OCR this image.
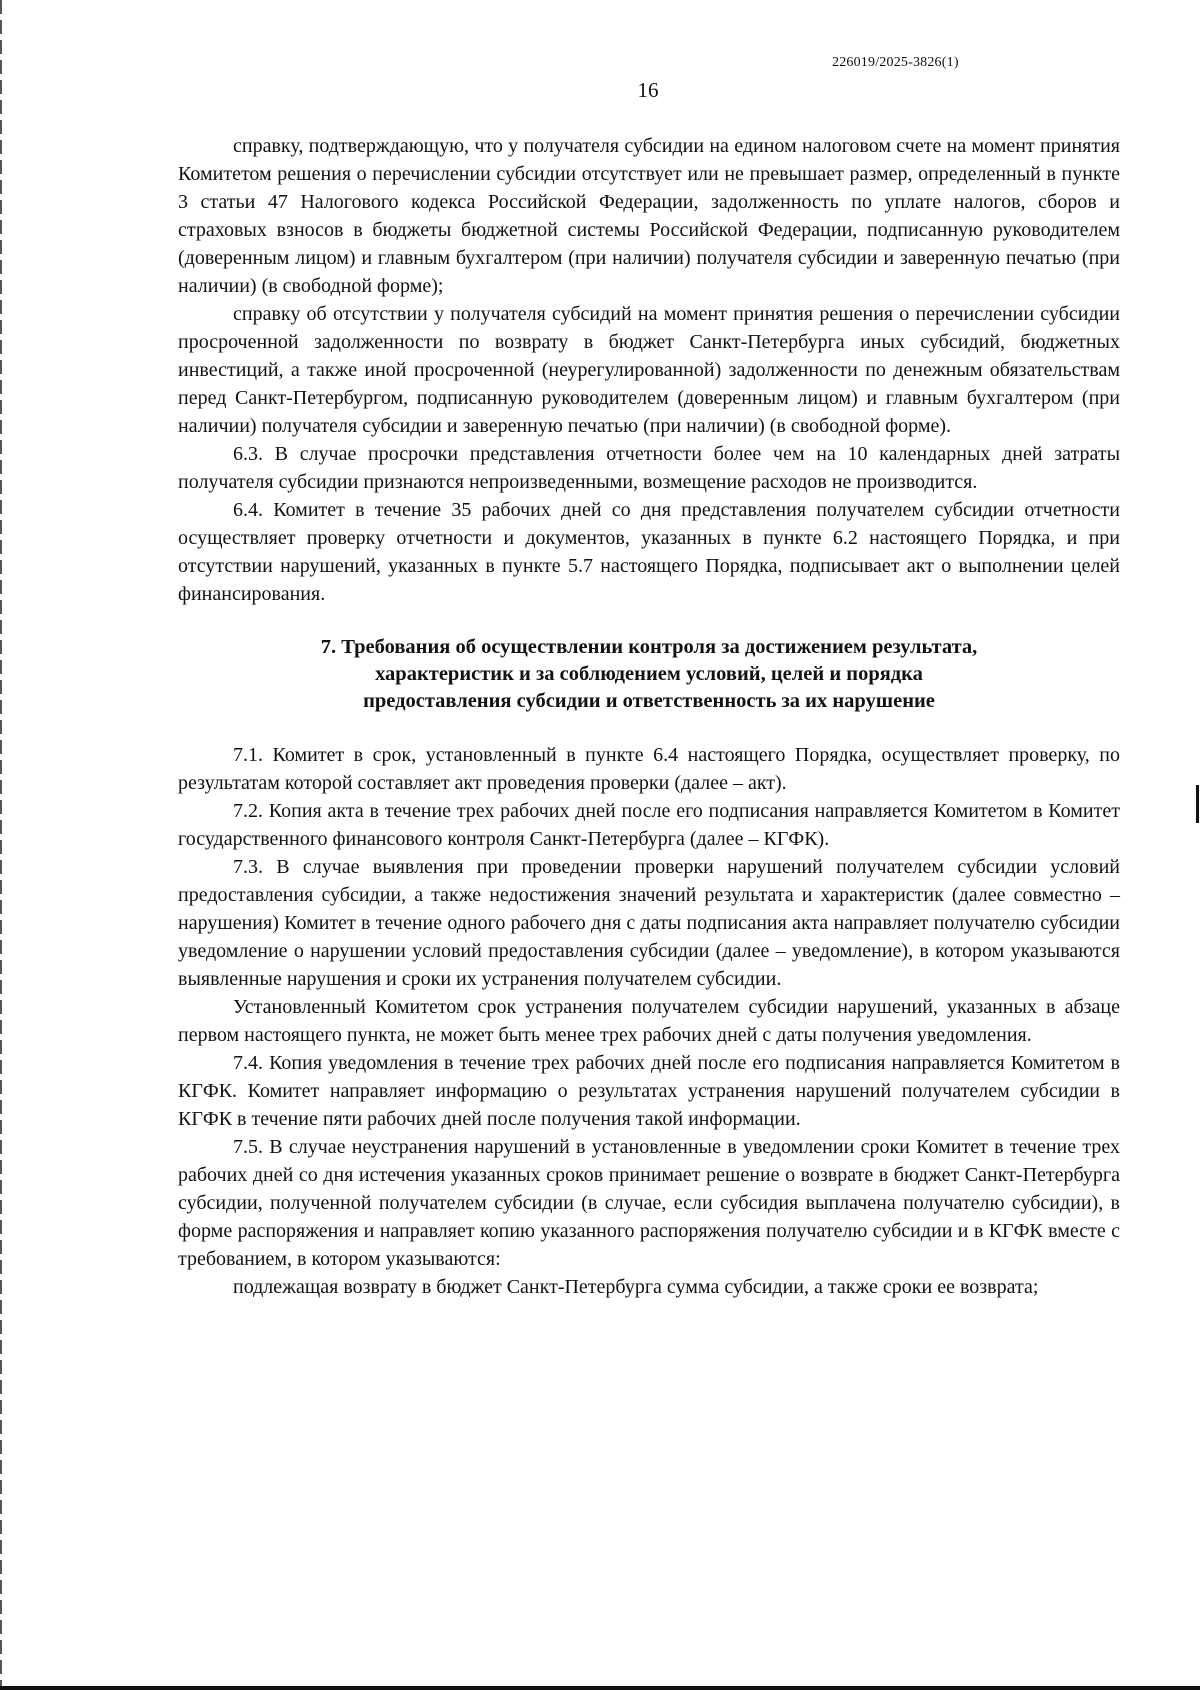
226019/2025-3826(1)
16

справку, подтверждающую, что у получателя субсидии на едином налоговом счете на момент принятия Комитетом решения о перечислении субсидии отсутствует или не превышает размер, определенный в пункте 3 статьи 47 Налогового кодекса Российской Федерации, задолженность по уплате налогов, сборов и страховых взносов в бюджеты бюджетной системы Российской Федерации, подписанную руководителем (доверенным лицом) и главным бухгалтером (при наличии) получателя субсидии и заверенную печатью (при наличии) (в свободной форме);

справку об отсутствии у получателя субсидий на момент принятия решения о перечислении субсидии просроченной задолженности по возврату в бюджет Санкт-Петербурга иных субсидий, бюджетных инвестиций, а также иной просроченной (неурегулированной) задолженности по денежным обязательствам перед Санкт-Петербургом, подписанную руководителем (доверенным лицом) и главным бухгалтером (при наличии) получателя субсидии и заверенную печатью (при наличии) (в свободной форме).

6.3. В случае просрочки представления отчетности более чем на 10 календарных дней затраты получателя субсидии признаются непроизведенными, возмещение расходов не производится.

6.4. Комитет в течение 35 рабочих дней со дня представления получателем субсидии отчетности осуществляет проверку отчетности и документов, указанных в пункте 6.2 настоящего Порядка, и при отсутствии нарушений, указанных в пункте 5.7 настоящего Порядка, подписывает акт о выполнении целей финансирования.

7. Требования об осуществлении контроля за достижением результата,
характеристик и за соблюдением условий, целей и порядка
предоставления субсидии и ответственность за их нарушение

7.1. Комитет в срок, установленный в пункте 6.4 настоящего Порядка, осуществляет проверку, по результатам которой составляет акт проведения проверки (далее – акт).

7.2. Копия акта в течение трех рабочих дней после его подписания направляется Комитетом в Комитет государственного финансового контроля Санкт-Петербурга (далее – КГФК).

7.3. В случае выявления при проведении проверки нарушений получателем субсидии условий предоставления субсидии, а также недостижения значений результата и характеристик (далее совместно – нарушения) Комитет в течение одного рабочего дня с даты подписания акта направляет получателю субсидии уведомление о нарушении условий предоставления субсидии (далее – уведомление), в котором указываются выявленные нарушения и сроки их устранения получателем субсидии.

Установленный Комитетом срок устранения получателем субсидии нарушений, указанных в абзаце первом настоящего пункта, не может быть менее трех рабочих дней с даты получения уведомления.

7.4. Копия уведомления в течение трех рабочих дней после его подписания направляется Комитетом в КГФК. Комитет направляет информацию о результатах устранения нарушений получателем субсидии в КГФК в течение пяти рабочих дней после получения такой информации.

7.5. В случае неустранения нарушений в установленные в уведомлении сроки Комитет в течение трех рабочих дней со дня истечения указанных сроков принимает решение о возврате в бюджет Санкт-Петербурга субсидии, полученной получателем субсидии (в случае, если субсидия выплачена получателю субсидии), в форме распоряжения и направляет копию указанного распоряжения получателю субсидии и в КГФК вместе с требованием, в котором указываются:

подлежащая возврату в бюджет Санкт-Петербурга сумма субсидии, а также сроки ее возврата;
